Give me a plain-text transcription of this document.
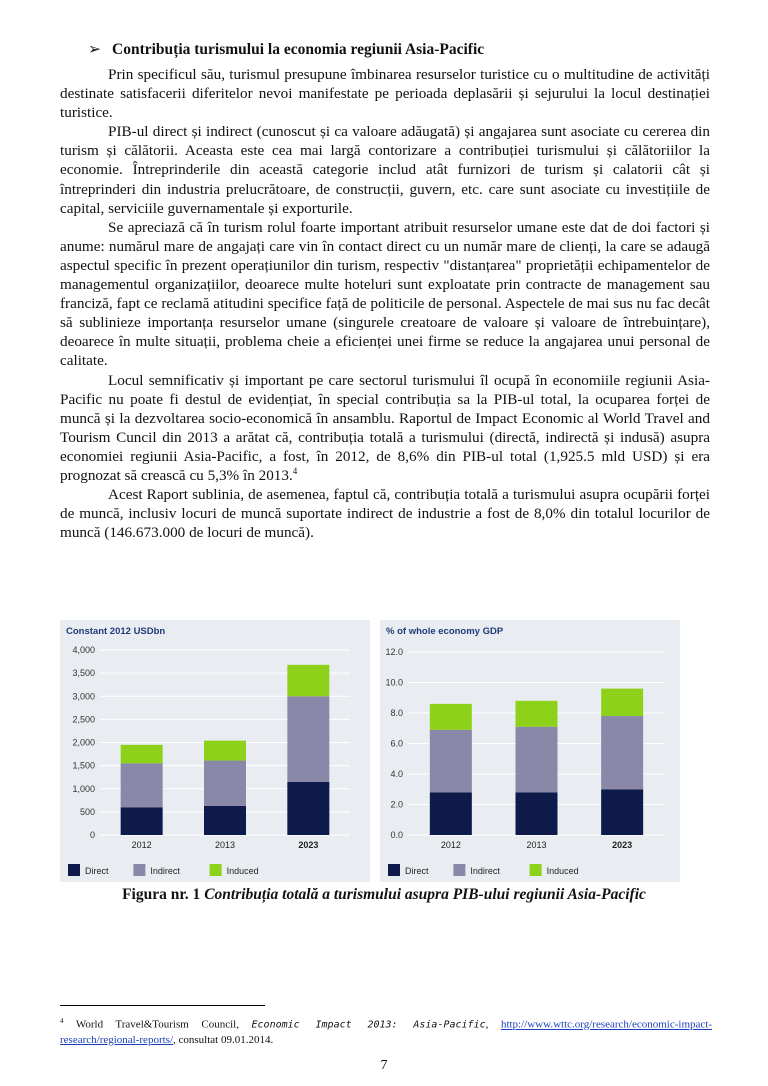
➢ Contribuția turismului la economia regiunii Asia-Pacific

Prin specificul său, turismul presupune îmbinarea resurselor turistice cu o multitudine de activități destinate satisfacerii diferitelor nevoi manifestate pe perioada deplasării și sejurului la locul destinației turistice.

PIB-ul direct și indirect (cunoscut și ca valoare adăugată) și angajarea sunt asociate cu cererea din turism și călătorii. Aceasta este cea mai largă contorizare a contribuției turismului și călătoriilor la economie. Întreprinderile din această categorie includ atât furnizori de turism și calatorii cât și întreprinderi din industria prelucrătoare, de construcții, guvern, etc. care sunt asociate cu investițiile de capital, serviciile guvernamentale și exporturile.

Se apreciază că în turism rolul foarte important atribuit resurselor umane este dat de doi factori și anume: numărul mare de angajați care vin în contact direct cu un număr mare de clienți, la care se adaugă aspectul specific în prezent operațiunilor din turism, respectiv "distanțarea" proprietății echipamentelor de managementul organizațiilor, deoarece multe hoteluri sunt exploatate prin contracte de management sau franciză, fapt ce reclamă atitudini specifice față de politicile de personal. Aspectele de mai sus nu fac decât să sublinieze importanța resurselor umane (singurele creatoare de valoare și valoare de întrebuințare), deoarece în multe situații, problema cheie a eficienței unei firme se reduce la angajarea unui personal de calitate.

Locul semnificativ și important pe care sectorul turismului îl ocupă în economiile regiunii Asia-Pacific nu poate fi destul de evidențiat, în special contribuția sa la PIB-ul total, la ocuparea forței de muncă și la dezvoltarea socio-economică în ansamblu. Raportul de Impact Economic al World Travel and Tourism Cuncil din 2013 a arătat că, contribuția totală a turismului (directă, indirectă și indusă) asupra economiei regiunii Asia-Pacific, a fost, în 2012, de 8,6% din PIB-ul total (1,925.5 mld USD) și era prognozat să crească cu 5,3% în 2013.$^4$

Acest Raport sublinia, de asemenea, faptul că, contribuția totală a turismului asupra ocupării forței de muncă, inclusiv locuri de muncă suportate indirect de industrie a fost de 8,0% din totalul locurilor de muncă (146.673.000 de locuri de muncă).

Constant 2012 USDbn
0
500
1,000
1,500
2,000
2,500
3,000
3,500
4,000
2012	2013	2023
Direct	Indirect	Induced
% of whole economy GDP
0.0
2.0
4.0
6.0
8.0
10.0
12.0
2012	2013	2023
Direct	Indirect	Induced
Figura nr. 1 Contribuția totală a turismului asupra PIB-ului regiunii Asia-Pacific
$^4$ World Travel&Tourism Council, Economic Impact 2013: Asia-Pacific, http://www.wttc.org/research/economic-impact-research/regional-reports/, consultat 09.01.2014.
7
